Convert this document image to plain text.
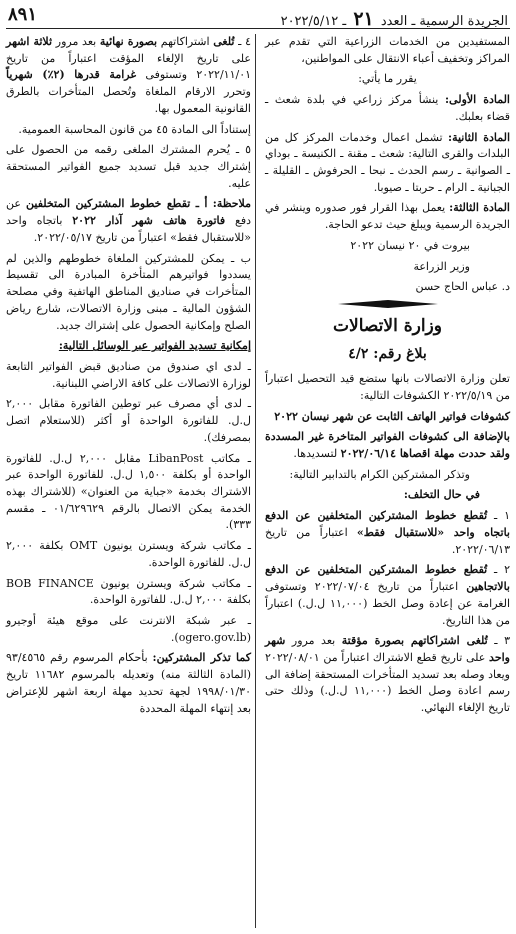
الجريدة الرسمية ـ العدد ٢١ ـ ٢٠٢٢/٥/١٢
٨٩١

المستفيدين من الخدمات الزراعية التي تقدم عبر المراكز وتخفيف أعباء الانتقال على المواطنين،

يقرر ما يأتي:

المادة الأولى: ينشأ مركز زراعي في بلدة شعث ـ قضاء بعلبك.

المادة الثانية: تشمل اعمال وخدمات المركز كل من البلدات والقرى التالية: شعث ـ مقنة ـ الكنيسة ـ بوداي ـ الصوانية ـ رسم الحدث ـ نبحا ـ الحرفوش ـ القليلة ـ الجبانية ـ الرام ـ حربتا ـ صيوبا.

المادة الثالثة: يعمل بهذا القرار فور صدوره وينشر في الجريدة الرسمية ويبلغ حيث تدعو الحاجة.

بيروت في ٢٠ نيسان ٢٠٢٢

وزير الزراعة

د. عباس الحاج حسن

وزارة الاتصالات
بلاغ رقم: ٤/٢

تعلن وزارة الاتصالات بانها ستضع قيد التحصيل اعتباراً من ٢٠٢٢/٥/١٩ الكشوفات التالية:

كشوفات فواتير الهاتف الثابت عن شهر نيسان ٢٠٢٢

بالإضافة الى كشوفات الفواتير المتاخرة غير المسددة ولقد حددت مهلة اقصاها ٢٠٢٢/٠٦/١٤ لتسديدها.

وتذكر المشتركين الكرام بالتدابير التالية:

في حال التخلف:

١ ـ تُقطع خطوط المشتركين المتخلفين عن الدفع باتجاه واحد «للاستقبال فقط» اعتباراً من تاريخ ٢٠٢٢/٠٦/١٣.

٢ ـ تُقطع خطوط المشتركين المتخلفين عن الدفع بالاتجاهين اعتباراً من تاريخ ٢٠٢٢/٠٧/٠٤ وتستوفى الغرامة عن إعادة وصل الخط (١١,٠٠٠ ل.ل.) اعتباراً من هذا التاريخ.

٣ ـ تُلغى اشتراكاتهم بصورة مؤقتة بعد مرور شهر واحد على تاريخ قطع الاشتراك اعتباراً من ٢٠٢٢/٠٨/٠١ ويعاد وصله بعد تسديد المتأخرات المستحقة إضافة الى رسم اعادة وصل الخط (١١,٠٠٠ ل.ل.) وذلك حتى تاريخ الإلغاء النهائي.

٤ ـ تُلغى اشتراكاتهم بصورة نهائية بعد مرور ثلاثة اشهر على تاريخ الإلغاء المؤقت اعتباراً من تاريخ ٢٠٢٢/١١/٠١ وتستوفى غرامة قدرها (٢٪) شهرياً وتحرر الارقام الملغاة وتُحصل المتأخرات بالطرق القانونية المعمول بها.

إستناداً الى المادة ٤٥ من قانون المحاسبة العمومية.

٥ ـ يُحرم المشترك الملغى رقمه من الحصول على إشتراك جديد قبل تسديد جميع الفواتير المستحقة عليه.

ملاحظة: أ ـ تقطع خطوط المشتركين المتخلفين عن دفع فاتورة هاتف شهر آذار ٢٠٢٢ باتجاه واحد «للاستقبال فقط» اعتباراً من تاريخ ٢٠٢٢/٠٥/١٧.

ب ـ يمكن للمشتركين الملغاة خطوطهم والذين لم يسددوا فواتيرهم المتأخرة المبادرة الى تقسيط المتأخرات في صناديق المناطق الهاتفية وفي مصلحة الشؤون المالية ـ مبنى وزارة الاتصالات، شارع رياض الصلح وإمكانية الحصول على إشتراك جديد.

إمكانية تسديد الفواتير عبر الوسائل التالية:

ـ لدى اي صندوق من صناديق قبض الفواتير التابعة لوزارة الاتصالات على كافة الاراضي اللبنانية.

ـ لدى أي مصرف عبر توطين الفاتورة مقابل ٢,٠٠٠ ل.ل. للفاتورة الواحدة أو أكثر (للاستعلام اتصل بمصرفك).

ـ مكاتب LibanPost مقابل ٢,٠٠٠ ل.ل. للفاتورة الواحدة أو بكلفة ١,٥٠٠ ل.ل. للفاتورة الواحدة عبر الاشتراك بخدمة «جباية من العنوان» (للاشتراك بهذه الخدمة يمكن الاتصال بالرقم ٠١/٦٢٩٦٢٩ ـ مقسم ٣٣٣).

ـ مكاتب شركة ويسترن يونيون OMT بكلفة ٢,٠٠٠ ل.ل. للفاتورة الواحدة.

ـ مكاتب شركة ويسترن يونيون BOB FINANCE بكلفة ٢,٠٠٠ ل.ل. للفاتورة الواحدة.

ـ عبر شبكة الانترنت على موقع هيئة أوجيرو (ogero.gov.lb).

كما تذكر المشتركين: بأحكام المرسوم رقم ٩٣/٤٥٦٥ (المادة الثالثة منه) وتعديله بالمرسوم ١١٦٨٢ تاريخ ١٩٩٨/٠١/٣٠ لجهة تحديد مهلة اربعة اشهر للإعتراض بعد إنتهاء المهلة المحددة
